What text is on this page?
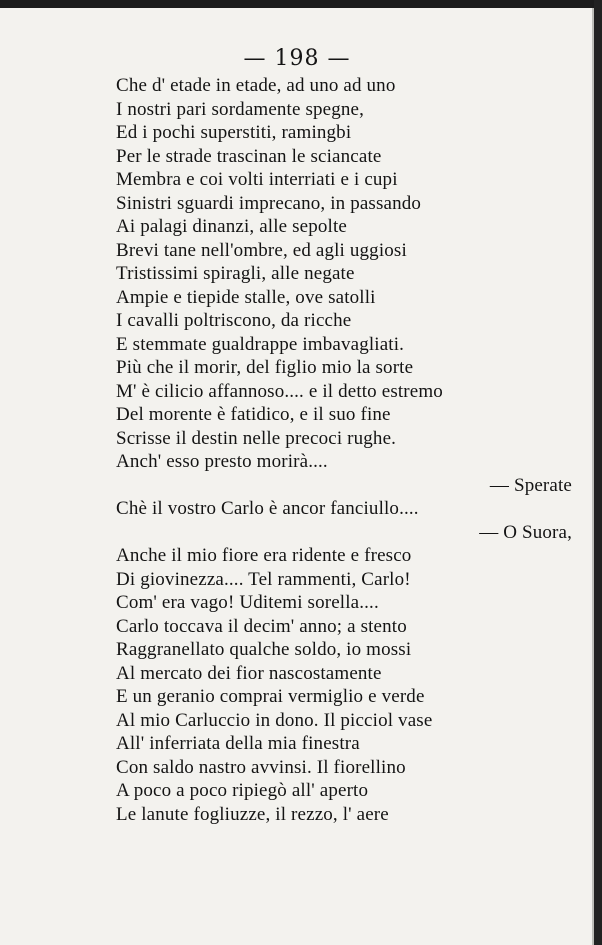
— 198 —
Che d' etade in etade, ad uno ad uno
I nostri pari sordamente spegne,
Ed i pochi superstiti, ramingbi
Per le strade trascinan le sciancate
Membra e coi volti interriati e i cupi
Sinistri sguardi imprecano, in passando
Ai palagi dinanzi, alle sepolte
Brevi tane nell'ombre, ed agli uggiosi
Tristissimi spiragli, alle negate
Ampie e tiepide stalle, ove satolli
I cavalli poltriscono, da ricche
E stemmate gualdrappe imbavagliati.
Più che il morir, del figlio mio la sorte
M' è cilicio affannoso.... e il detto estremo
Del morente è fatidico, e il suo fine
Scrisse il destin nelle precoci rughe.
Anch' esso presto morirà....
— Sperate
Chè il vostro Carlo è ancor fanciullo....
— O Suora,
Anche il mio fiore era ridente e fresco
Di giovinezza.... Tel rammenti, Carlo!
Com' era vago! Uditemi sorella....
Carlo toccava il decim' anno; a stento
Raggranellato qualche soldo, io mossi
Al mercato dei fior nascostamente
E un geranio comprai vermiglio e verde
Al mio Carluccio in dono. Il picciol vase
All' inferriata della mia finestra
Con saldo nastro avvinsi. Il fiorellino
A poco a poco ripiegò all' aperto
Le lanute fogliuzze, il rezzo, l' aere
